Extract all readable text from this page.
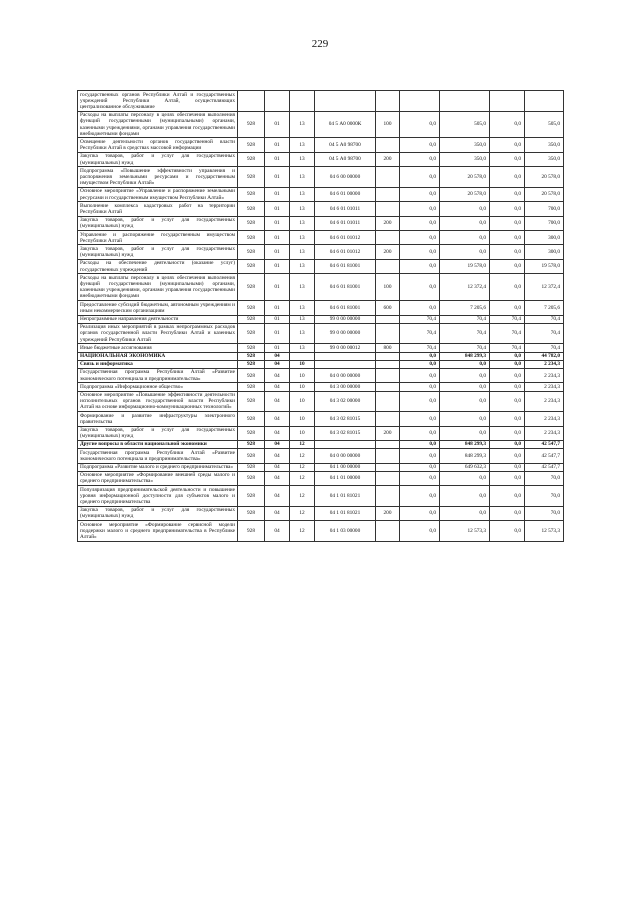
229
государственных органов Республики Алтай и государственных учреждений Республики Алтай, осуществляющих централизованное обслуживание									
Расходы на выплаты персоналу в целях обеспечения выполнения функций государственными (муниципальными) органами, казенными учреждениями, органами управления государственными внебюджетными фондами	928	01	13	04 5 А0 0000К	100	0,0	505,0	0,0	505,0
Освещение деятельности органов государственной власти Республики Алтай в средствах массовой информации	928	01	13	04 5 А0 98700		0,0	350,0	0,0	350,0
Закупка товаров, работ и услуг для государственных (муниципальных) нужд	928	01	13	04 5 А0 98700	200	0,0	350,0	0,0	350,0
Подпрограмма «Повышение эффективности управления и распоряжения земельными ресурсами и государственным имуществом Республики Алтай»	928	01	13	04 6 00 00000		0,0	20 578,0	0,0	20 578,0
Основное мероприятие «Управление и распоряжение земельными ресурсами и государственным имуществом Республики Алтай»	928	01	13	04 6 01 00000		0,0	20 578,0	0,0	20 578,0
Выполнение комплекса кадастровых работ на территории Республики Алтай	928	01	13	04 6 01 01011		0,0	0,0	0,0	700,0
Закупка товаров, работ и услуг для государственных (муниципальных) нужд	928	01	13	04 6 01 01011	200	0,0	0,0	0,0	700,0
Управление и распоряжение государственным имуществом Республики Алтай	928	01	13	04 6 01 01012		0,0	0,0	0,0	300,0
Закупка товаров, работ и услуг для государственных (муниципальных) нужд	928	01	13	04 6 01 01012	200	0,0	0,0	0,0	300,0
Расходы на обеспечение деятельности (оказание услуг) государственных учреждений	928	01	13	04 6 01 81001		0,0	19 578,0	0,0	19 578,0
Расходы на выплаты персоналу в целях обеспечения выполнения функций государственными (муниципальными) органами, казенными учреждениями, органами управления государственными внебюджетными фондами	928	01	13	04 6 01 81001	100	0,0	12 372,4	0,0	12 372,4
Предоставление субсидий бюджетным, автономным учреждениям и иным некоммерческим организациям	928	01	13	04 6 01 81001	600	0,0	7 205,6	0,0	7 205,6
Непрограммные направления деятельности	928	01	13	99 0 00 00000		70,4	70,4	70,4	70,4
Реализация иных мероприятий в рамках непрограммных расходов органов государственной власти Республики Алтай и казенных учреждений Республики Алтай	928	01	13	99 0 00 00000		70,4	70,4	70,4	70,4
Иные бюджетные ассигнования	928	01	13	99 0 00 00012	800	70,4	70,4	70,4	70,4
НАЦИОНАЛЬНАЯ ЭКОНОМИКА	928	04				0,0	848 299,3	0,0	44 782,0
Связь и информатика	928	04	10			0,0	0,0	0,0	2 234,3
Государственная программа Республики Алтай «Развитие экономического потенциала и предпринимательства»	928	04	10	04 0 00 00000		0,0	0,0	0,0	2 234,3
Подпрограмма «Информационное общество»	928	04	10	04 3 00 00000		0,0	0,0	0,0	2 234,3
Основное мероприятие «Повышение эффективности деятельности исполнительных органов государственной власти Республики Алтай на основе информационно-коммуникационных технологий»	928	04	10	04 3 02 00000		0,0	0,0	0,0	2 234,3
Формирование и развитие инфраструктуры электронного правительства	928	04	10	04 3 02 81015		0,0	0,0	0,0	2 234,3
Закупка товаров, работ и услуг для государственных (муниципальных) нужд	928	04	10	04 3 02 81015	200	0,0	0,0	0,0	2 234,3
Другие вопросы в области национальной экономики	928	04	12			0,0	848 299,3	0,0	42 547,7
Государственная программа Республики Алтай «Развитие экономического потенциала и предпринимательства»	928	04	12	04 0 00 00000		0,0	848 299,3	0,0	42 547,7
Подпрограмма «Развитие малого и среднего предпринимательства»	928	04	12	04 1 00 00000		0,0	649 632,3	0,0	42 547,7
Основное мероприятие «Формирование внешней среды малого и среднего предпринимательства»	928	04	12	04 1 01 00000		0,0	0,0	0,0	70,0
Популяризация предпринимательской деятельности и повышение уровня информационной доступности для субъектов малого и среднего предпринимательства	928	04	12	04 1 01 81021		0,0	0,0	0,0	70,0
Закупка товаров, работ и услуг для государственных (муниципальных) нужд	928	04	12	04 1 01 81021	200	0,0	0,0	0,0	70,0
Основное мероприятие «Формирование сервисной модели поддержки малого и среднего предпринимательства в Республике Алтай»	928	04	12	04 1 03 00000		0,0	12 573,3	0,0	12 573,3
